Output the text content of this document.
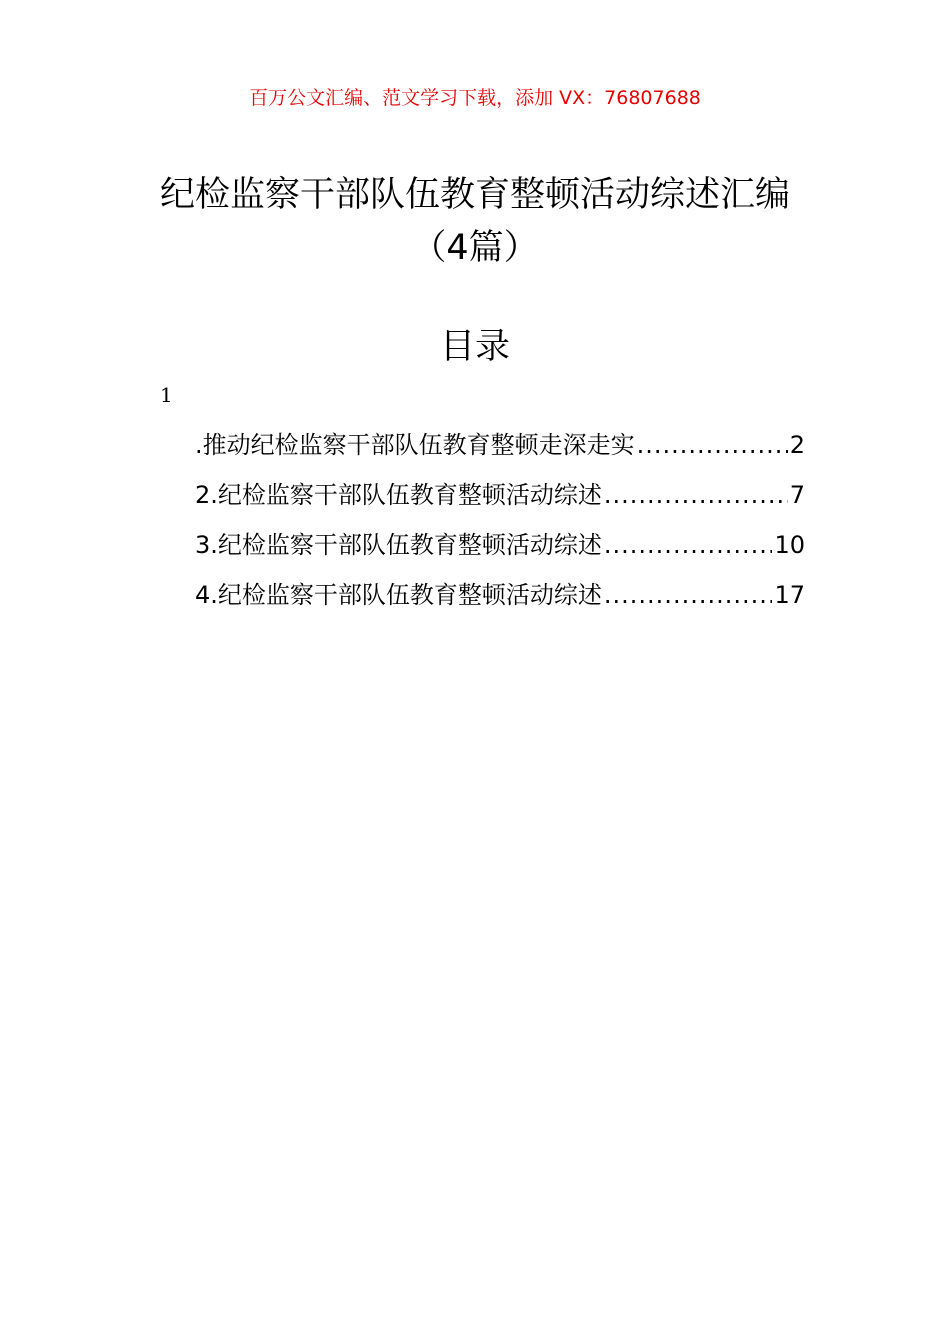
百万公文汇编、范文学习下载，添加 VX：76807688
纪检监察干部队伍教育整顿活动综述汇编
（4篇）
目录
1
.推动纪检监察干部队伍教育整顿走深走实 .....	2
2.纪检监察干部队伍教育整顿活动综述 .....	7
3.纪检监察干部队伍教育整顿活动综述 .....	10
4.纪检监察干部队伍教育整顿活动综述 .....	17
